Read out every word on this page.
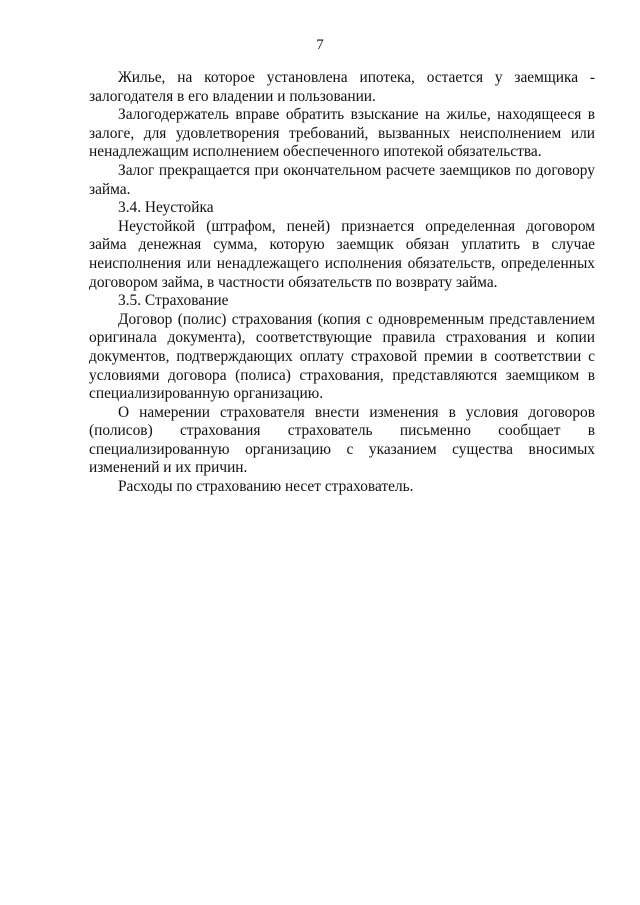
7

Жилье, на которое установлена ипотека, остается у заемщика - залогодателя в его владении и пользовании.

Залогодержатель вправе обратить взыскание на жилье, находящееся в залоге, для удовлетворения требований, вызванных неисполнением или ненадлежащим исполнением обеспеченного ипотекой обязательства.

Залог прекращается при окончательном расчете заемщиков по договору займа.

3.4. Неустойка

Неустойкой (штрафом, пеней) признается определенная договором займа денежная сумма, которую заемщик обязан уплатить в случае неисполнения или ненадлежащего исполнения обязательств, определенных договором займа, в частности обязательств по возврату займа.

3.5. Страхование

Договор (полис) страхования (копия с одновременным представлением оригинала документа), соответствующие правила страхования и копии документов, подтверждающих оплату страховой премии в соответствии с условиями договора (полиса) страхования, представляются заемщиком в специализированную организацию.

О намерении страхователя внести изменения в условия договоров (полисов) страхования страхователь письменно сообщает в специализированную организацию с указанием существа вносимых изменений и их причин.

Расходы по страхованию несет страхователь.
